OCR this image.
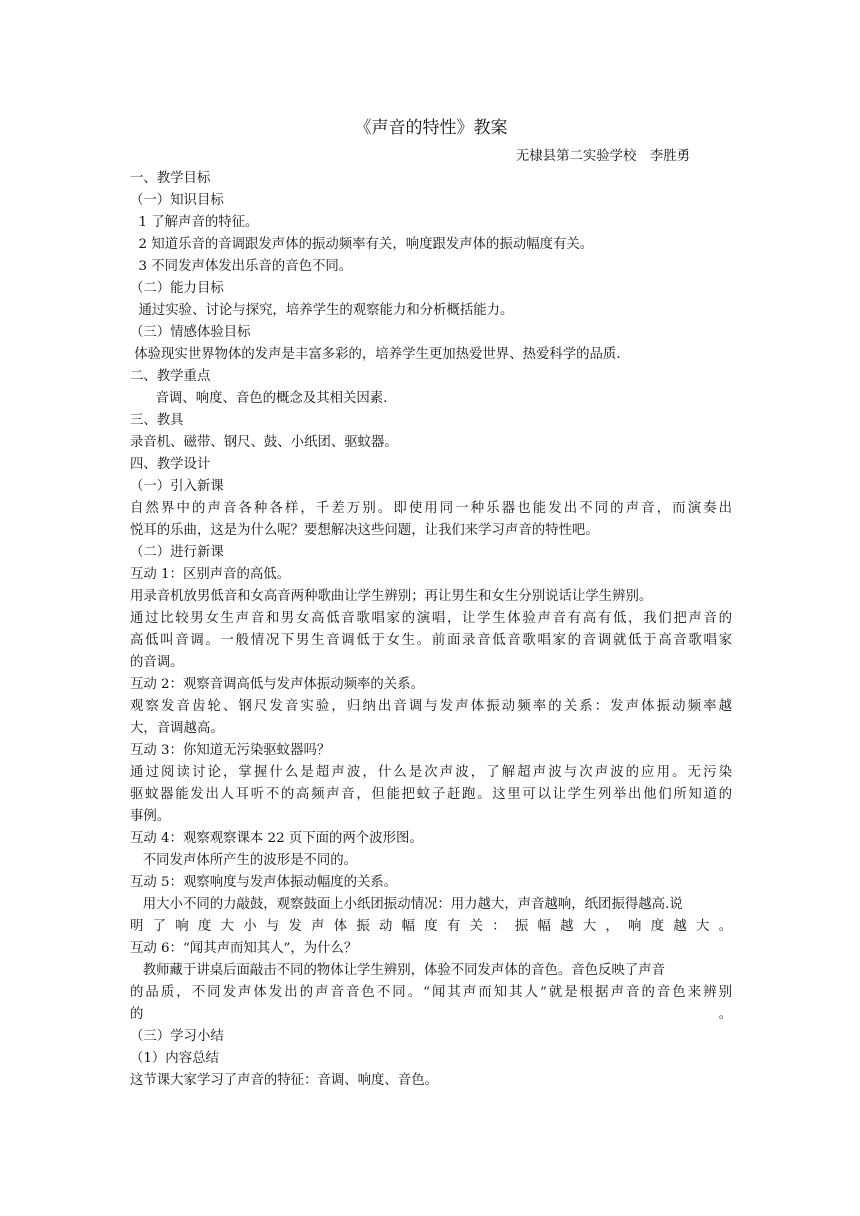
《声音的特性》教案
无棣县第二实验学校　李胜勇
一、教学目标
（一）知识目标
1 了解声音的特征。
2 知道乐音的音调跟发声体的振动频率有关，响度跟发声体的振动幅度有关。
3 不同发声体发出乐音的音色不同。
（二）能力目标
通过实验、讨论与探究，培养学生的观察能力和分析概括能力。
（三）情感体验目标
体验现实世界物体的发声是丰富多彩的，培养学生更加热爱世界、热爱科学的品质.
二、教学重点
音调、响度、音色的概念及其相关因素.
三、教具
录音机、磁带、钢尺、鼓、小纸团、驱蚊器。
四、教学设计
（一）引入新课
自然界中的声音各种各样，千差万别。即使用同一种乐器也能发出不同的声音，而演奏出
悦耳的乐曲，这是为什么呢？要想解决这些问题，让我们来学习声音的特性吧。
（二）进行新课
互动 1：区别声音的高低。
用录音机放男低音和女高音两种歌曲让学生辨别；再让男生和女生分别说话让学生辨别。
通过比较男女生声音和男女高低音歌唱家的演唱，让学生体验声音有高有低，我们把声音的
高低叫音调。一般情况下男生音调低于女生。前面录音低音歌唱家的音调就低于高音歌唱家
的音调。
互动 2：观察音调高低与发声体振动频率的关系。
观察发音齿轮、钢尺发音实验，归纳出音调与发声体振动频率的关系：发声体振动频率越
大，音调越高。
互动 3：你知道无污染驱蚊器吗？
通过阅读讨论，掌握什么是超声波，什么是次声波，了解超声波与次声波的应用。无污染
驱蚊器能发出人耳听不的高频声音，但能把蚊子赶跑。这里可以让学生列举出他们所知道的
事例。
互动 4：观察观察课本 22 页下面的两个波形图。
不同发声体所产生的波形是不同的。
互动 5：观察响度与发声体振动幅度的关系。
用大小不同的力敲鼓，观察鼓面上小纸团振动情况：用力越大，声音越响，纸团振得越高.说
明了响度大小与发声体振动幅度有关：振幅越大，响度越大。
互动 6：“闻其声而知其人”，为什么？
教师藏于讲桌后面敲击不同的物体让学生辨别，体验不同发声体的音色。音色反映了声音
的品质，不同发声体发出的声音音色不同。“闻其声而知其人”就是根据声音的音色来辨别
的。
（三）学习小结
（1）内容总结
这节课大家学习了声音的特征：音调、响度、音色。
